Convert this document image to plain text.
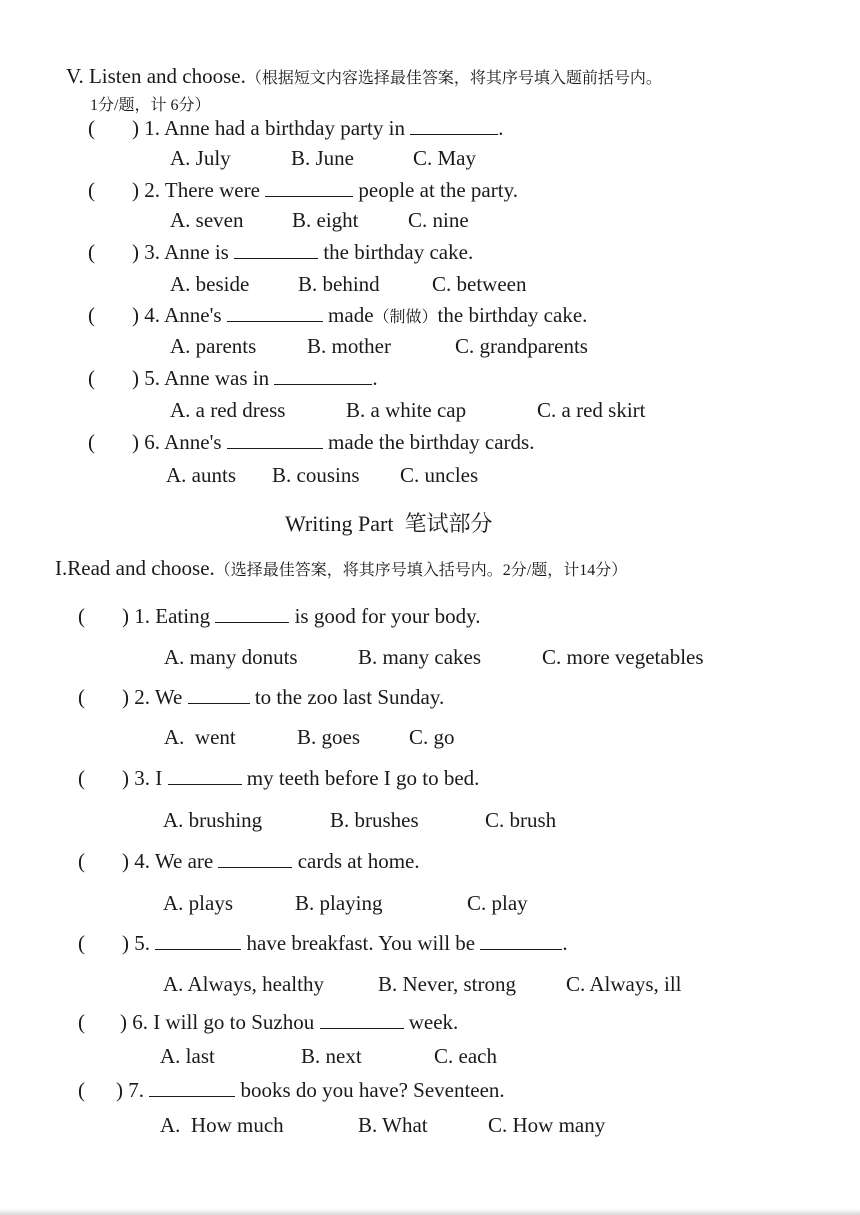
V. Listen and choose.（根据短文内容选择最佳答案，将其序号填入题前括号内。
1分/题，计 6分）
( ) 1. Anne had a birthday party in	.
A. July	B. June	C. May
( ) 2. There were	people at the party.
A. seven B. eight C. nine
( ) 3. Anne is	the birthday cake.
A. beside B. behind C. between
( ) 4. Anne's	made（制做）the birthday cake.
A. parents B. mother	C. grandparents
( ) 5. Anne was in	.
A. a red dress	B. a white cap	C. a red skirt
( ) 6. Anne's	made the birthday cards.
A. aunts B. cousins C. uncles
Writing Part 笔试部分
I.Read and choose.（选择最佳答案，将其序号填入括号内。2分/题，计14分）
( ) 1. Eating	is good for your body.
A. many donuts	B. many cakes	C. more vegetables
( ) 2. We	to the zoo last Sunday.
A.  went	B. goes C. go
( ) 3. I	my teeth before I go to bed.
A. brushing	B. brushes	C. brush
( ) 4. We are	cards at home.
A. plays	B. playing	C. play
( ) 5.	have breakfast. You will be	.
A. Always, healthy	B. Never, strong C. Always, ill
( ) 6. I will go to Suzhou	week.
A. last	B. next	C. each
( ) 7.	books do you have? Seventeen.
A.  How much	B. What	C. How many
